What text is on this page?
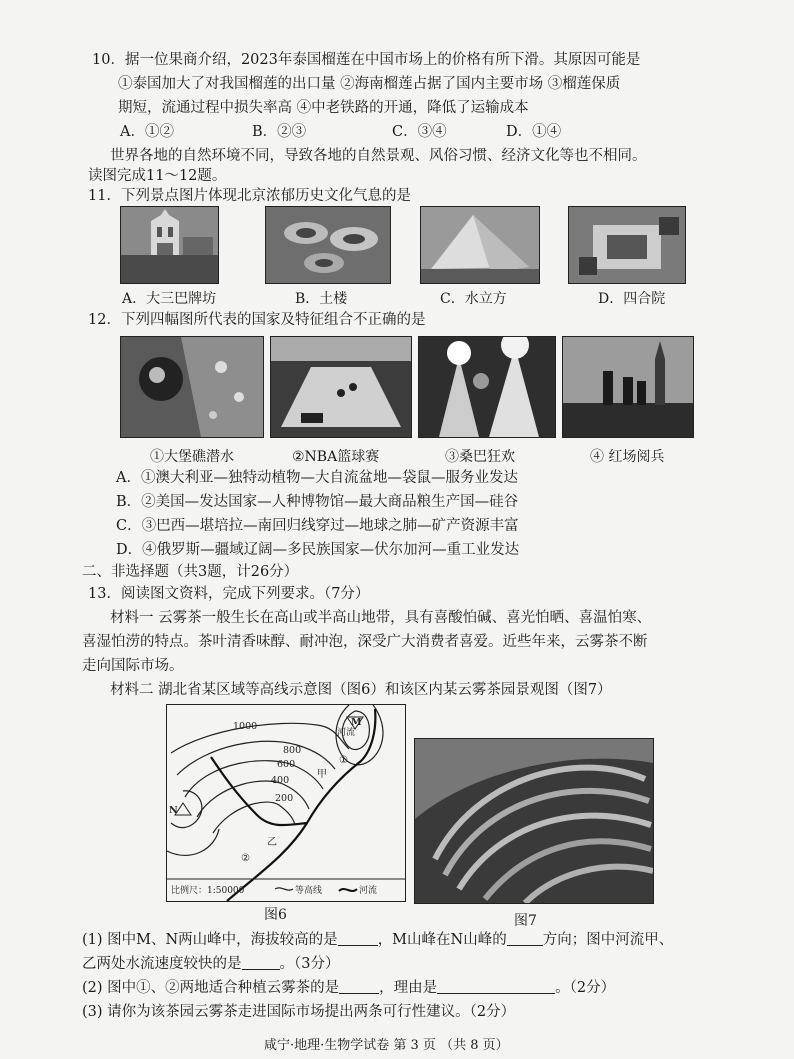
10．据一位果商介绍，2023年泰国榴莲在中国市场上的价格有所下滑。其原因可能是
①泰国加大了对我国榴莲的出口量 ②海南榴莲占据了国内主要市场 ③榴莲保质
期短，流通过程中损失率高 ④中老铁路的开通，降低了运输成本
A．①②	B．②③	C．③④	D．①④
世界各地的自然环境不同，导致各地的自然景观、风俗习惯、经济文化等也不相同。
读图完成11～12题。
11．下列景点图片体现北京浓郁历史文化气息的是
A．大三巴牌坊	B．土楼	C．水立方	D．四合院
12．下列四幅图所代表的国家及特征组合不正确的是
①大堡礁潜水	②NBA篮球赛	③桑巴狂欢	④ 红场阅兵
A．①澳大利亚—独特动植物—大自流盆地—袋鼠—服务业发达
B．②美国—发达国家—人种博物馆—最大商品粮生产国—硅谷
C．③巴西—堪培拉—南回归线穿过—地球之肺—矿产资源丰富
D．④俄罗斯—疆域辽阔—多民族国家—伏尔加河—重工业发达
二、非选择题（共3题，计26分）
13．阅读图文资料，完成下列要求。（7分）
材料一 云雾茶一般生长在高山或半高山地带，具有喜酸怕碱、喜光怕晒、喜温怕寒、
喜湿怕涝的特点。茶叶清香味醇、耐冲泡，深受广大消费者喜爱。近些年来，云雾茶不断
走向国际市场。
材料二 湖北省某区域等高线示意图（图6）和该区内某云雾茶园景观图（图7）
1000
800
600
400
200
M
N
甲
乙
①
②
河流
比例尺：1:50000	等高线	河流
图6	图7
(1) 图中M、N两山峰中，海拔较高的是	，M山峰在N山峰的 方向；图中河流甲、
乙两处水流速度较快的是	。（3分）
(2) 图中①、②两地适合种植云雾茶的是	，理由是	。（2分）
(3) 请你为该茶园云雾茶走进国际市场提出两条可行性建议。（2分）
咸宁·地理·生物学试卷 第 3 页 （共 8 页）
